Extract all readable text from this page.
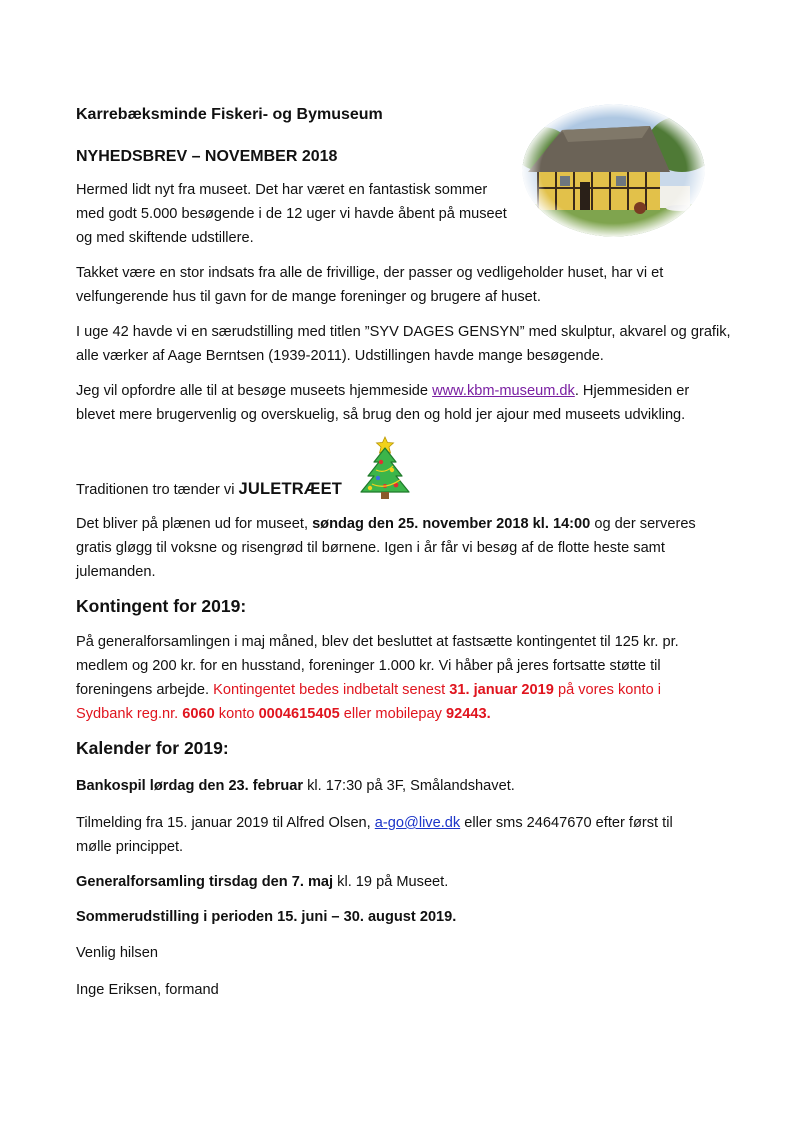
Karrebæksminde Fiskeri- og Bymuseum

NYHEDSBREV – NOVEMBER 2018

Hermed lidt nyt fra museet. Det har været en fantastisk sommer

med godt 5.000 besøgende i de 12 uger vi havde åbent på museet

og med skiftende udstillere.

Takket være en stor indsats fra alle de frivillige, der passer og vedligeholder huset, har vi et

velfungerende hus til gavn for de mange foreninger og brugere af huset.

I uge 42 havde vi en særudstilling med titlen ”SYV DAGES GENSYN” med skulptur, akvarel og grafik,

alle værker af Aage Berntsen (1939-2011). Udstillingen havde mange besøgende.

Jeg vil opfordre alle til at besøge museets hjemmeside www.kbm-museum.dk. Hjemmesiden er

blevet mere brugervenlig og overskuelig, så brug den og hold jer ajour med museets udvikling.

Traditionen tro tænder vi JULETRÆET

Det bliver på plænen ud for museet, søndag den 25. november 2018 kl. 14:00 og der serveres

gratis gløgg til voksne og risengrød til børnene. Igen i år får vi besøg af de flotte heste samt

julemanden.

Kontingent for 2019:

På generalforsamlingen i maj måned, blev det besluttet at fastsætte kontingentet til 125 kr. pr.

medlem og 200 kr. for en husstand, foreninger 1.000 kr. Vi håber på jeres fortsatte støtte til

foreningens arbejde. Kontingentet bedes indbetalt senest 31. januar 2019 på vores konto i

Sydbank reg.nr. 6060 konto 0004615405 eller mobilepay 92443.

Kalender for 2019:

Bankospil lørdag den 23. februar kl. 17:30 på 3F, Smålandshavet.

Tilmelding fra 15. januar 2019 til Alfred Olsen, a-go@live.dk eller sms 24647670 efter først til

mølle princippet.

Generalforsamling tirsdag den 7. maj kl. 19 på Museet.

Sommerudstilling i perioden 15. juni – 30. august 2019.

Venlig hilsen

Inge Eriksen, formand
